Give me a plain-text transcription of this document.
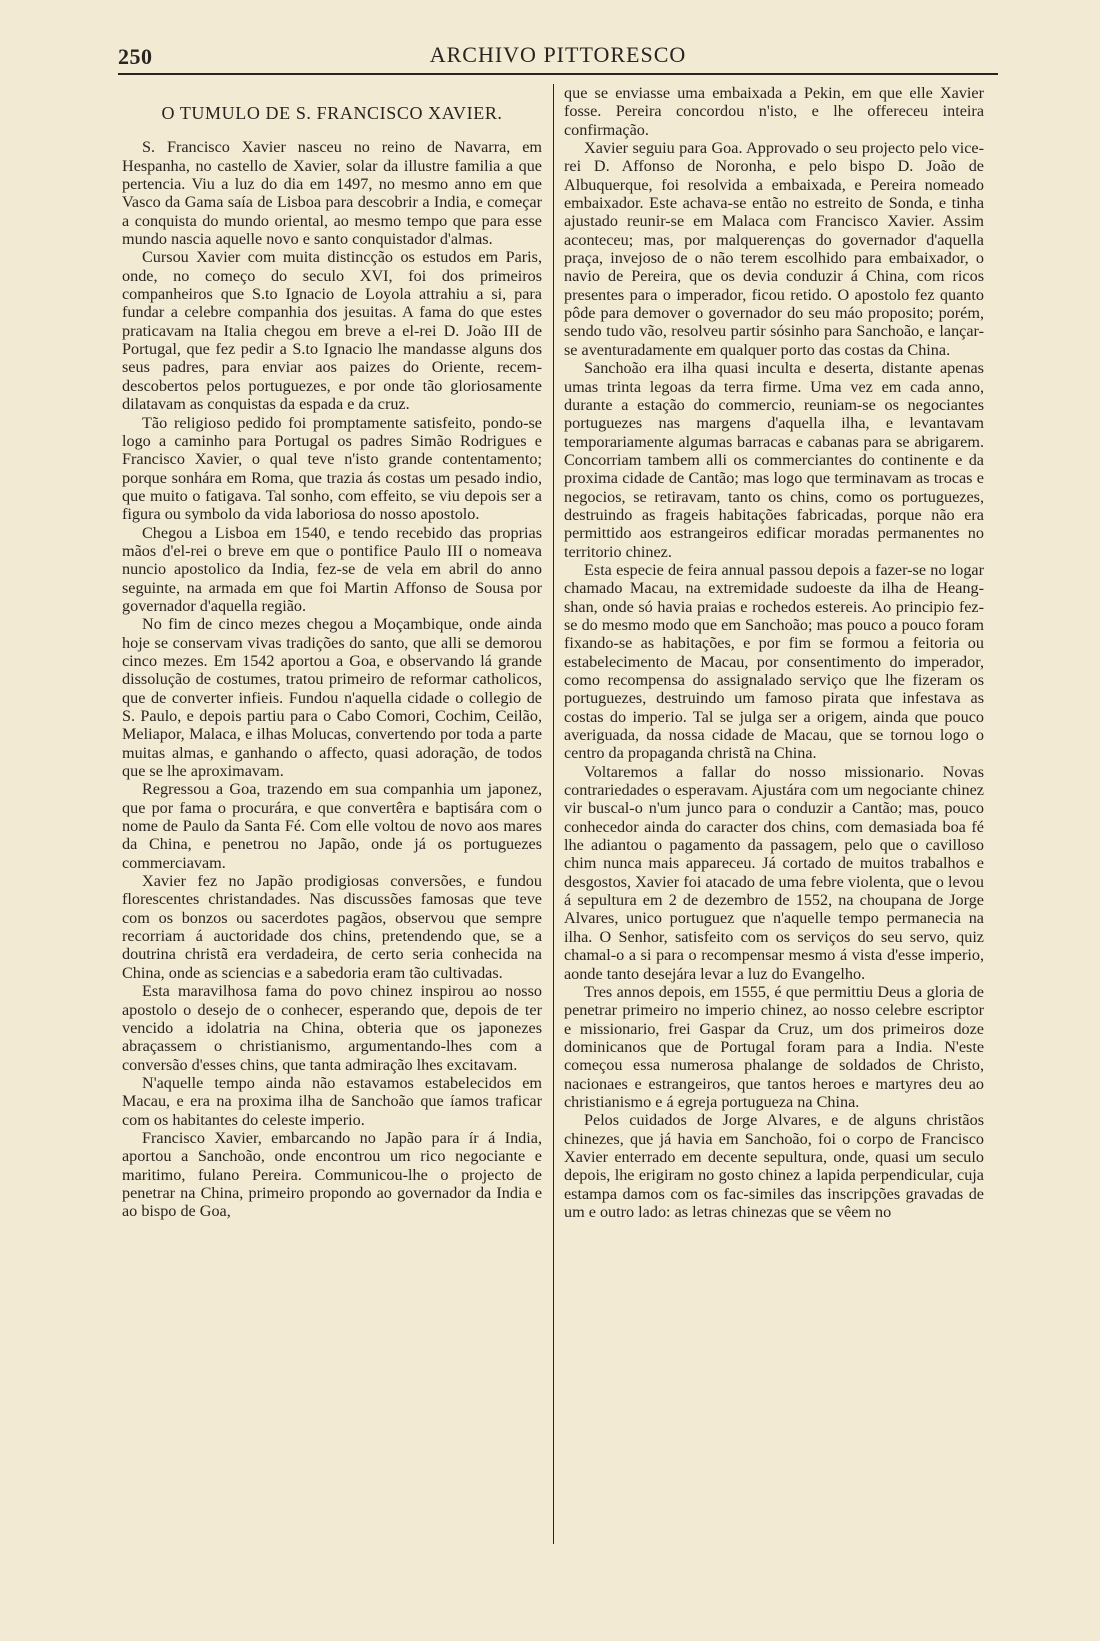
250	ARCHIVO PITTORESCO
O TUMULO DE S. FRANCISCO XAVIER.

S. Francisco Xavier nasceu no reino de Navarra, em Hespanha, no castello de Xavier, solar da illustre familia a que pertencia. Viu a luz do dia em 1497, no mesmo anno em que Vasco da Gama saía de Lisboa para descobrir a India, e começar a conquista do mundo oriental, ao mesmo tempo que para esse mundo nascia aquelle novo e santo conquistador d'almas.

Cursou Xavier com muita distincção os estudos em Paris, onde, no começo do seculo XVI, foi dos primeiros companheiros que S.to Ignacio de Loyola attrahiu a si, para fundar a celebre companhia dos jesuitas. A fama do que estes praticavam na Italia chegou em breve a el-rei D. João III de Portugal, que fez pedir a S.to Ignacio lhe mandasse alguns dos seus padres, para enviar aos paizes do Oriente, recem-descobertos pelos portuguezes, e por onde tão gloriosamente dilatavam as conquistas da espada e da cruz.

Tão religioso pedido foi promptamente satisfeito, pondo-se logo a caminho para Portugal os padres Simão Rodrigues e Francisco Xavier, o qual teve n'isto grande contentamento; porque sonhára em Roma, que trazia ás costas um pesado indio, que muito o fatigava. Tal sonho, com effeito, se viu depois ser a figura ou symbolo da vida laboriosa do nosso apostolo.

Chegou a Lisboa em 1540, e tendo recebido das proprias mãos d'el-rei o breve em que o pontifice Paulo III o nomeava nuncio apostolico da India, fez-se de vela em abril do anno seguinte, na armada em que foi Martin Affonso de Sousa por governador d'aquella região.

No fim de cinco mezes chegou a Moçambique, onde ainda hoje se conservam vivas tradições do santo, que alli se demorou cinco mezes. Em 1542 aportou a Goa, e observando lá grande dissolução de costumes, tratou primeiro de reformar catholicos, que de converter infieis. Fundou n'aquella cidade o collegio de S. Paulo, e depois partiu para o Cabo Comori, Cochim, Ceilão, Meliapor, Malaca, e ilhas Molucas, convertendo por toda a parte muitas almas, e ganhando o affecto, quasi adoração, de todos que se lhe aproximavam.

Regressou a Goa, trazendo em sua companhia um japonez, que por fama o procurára, e que convertêra e baptisára com o nome de Paulo da Santa Fé. Com elle voltou de novo aos mares da China, e penetrou no Japão, onde já os portuguezes commerciavam.

Xavier fez no Japão prodigiosas conversões, e fundou florescentes christandades. Nas discussões famosas que teve com os bonzos ou sacerdotes pagãos, observou que sempre recorriam á auctoridade dos chins, pretendendo que, se a doutrina christã era verdadeira, de certo seria conhecida na China, onde as sciencias e a sabedoria eram tão cultivadas.

Esta maravilhosa fama do povo chinez inspirou ao nosso apostolo o desejo de o conhecer, esperando que, depois de ter vencido a idolatria na China, obteria que os japonezes abraçassem o christianismo, argumentando-lhes com a conversão d'esses chins, que tanta admiração lhes excitavam.

N'aquelle tempo ainda não estavamos estabelecidos em Macau, e era na proxima ilha de Sanchoão que íamos traficar com os habitantes do celeste imperio.

Francisco Xavier, embarcando no Japão para ír á India, aportou a Sanchoão, onde encontrou um rico negociante e maritimo, fulano Pereira. Communicou-lhe o projecto de penetrar na China, primeiro propondo ao governador da India e ao bispo de Goa,

que se enviasse uma embaixada a Pekin, em que elle Xavier fosse. Pereira concordou n'isto, e lhe offereceu inteira confirmação.

Xavier seguiu para Goa. Approvado o seu projecto pelo vice-rei D. Affonso de Noronha, e pelo bispo D. João de Albuquerque, foi resolvida a embaixada, e Pereira nomeado embaixador. Este achava-se então no estreito de Sonda, e tinha ajustado reunir-se em Malaca com Francisco Xavier. Assim aconteceu; mas, por malquerenças do governador d'aquella praça, invejoso de o não terem escolhido para embaixador, o navio de Pereira, que os devia conduzir á China, com ricos presentes para o imperador, ficou retido. O apostolo fez quanto pôde para demover o governador do seu máo proposito; porém, sendo tudo vão, resolveu partir sósinho para Sanchoão, e lançar-se aventuradamente em qualquer porto das costas da China.

Sanchoão era ilha quasi inculta e deserta, distante apenas umas trinta legoas da terra firme. Uma vez em cada anno, durante a estação do commercio, reuniam-se os negociantes portuguezes nas margens d'aquella ilha, e levantavam temporariamente algumas barracas e cabanas para se abrigarem. Concorriam tambem alli os commerciantes do continente e da proxima cidade de Cantão; mas logo que terminavam as trocas e negocios, se retiravam, tanto os chins, como os portuguezes, destruindo as frageis habitações fabricadas, porque não era permittido aos estrangeiros edificar moradas permanentes no territorio chinez.

Esta especie de feira annual passou depois a fazer-se no logar chamado Macau, na extremidade sudoeste da ilha de Heang-shan, onde só havia praias e rochedos estereis. Ao principio fez-se do mesmo modo que em Sanchoão; mas pouco a pouco foram fixando-se as habitações, e por fim se formou a feitoria ou estabelecimento de Macau, por consentimento do imperador, como recompensa do assignalado serviço que lhe fizeram os portuguezes, destruindo um famoso pirata que infestava as costas do imperio. Tal se julga ser a origem, ainda que pouco averiguada, da nossa cidade de Macau, que se tornou logo o centro da propaganda christã na China.

Voltaremos a fallar do nosso missionario. Novas contrariedades o esperavam. Ajustára com um negociante chinez vir buscal-o n'um junco para o conduzir a Cantão; mas, pouco conhecedor ainda do caracter dos chins, com demasiada boa fé lhe adiantou o pagamento da passagem, pelo que o cavilloso chim nunca mais appareceu. Já cortado de muitos trabalhos e desgostos, Xavier foi atacado de uma febre violenta, que o levou á sepultura em 2 de dezembro de 1552, na choupana de Jorge Alvares, unico portuguez que n'aquelle tempo permanecia na ilha. O Senhor, satisfeito com os serviços do seu servo, quiz chamal-o a si para o recompensar mesmo á vista d'esse imperio, aonde tanto desejára levar a luz do Evangelho.

Tres annos depois, em 1555, é que permittiu Deus a gloria de penetrar primeiro no imperio chinez, ao nosso celebre escriptor e missionario, frei Gaspar da Cruz, um dos primeiros doze dominicanos que de Portugal foram para a India. N'este começou essa numerosa phalange de soldados de Christo, nacionaes e estrangeiros, que tantos heroes e martyres deu ao christianismo e á egreja portugueza na China.

Pelos cuidados de Jorge Alvares, e de alguns christãos chinezes, que já havia em Sanchoão, foi o corpo de Francisco Xavier enterrado em decente sepultura, onde, quasi um seculo depois, lhe erigiram no gosto chinez a lapida perpendicular, cuja estampa damos com os fac-similes das inscripções gravadas de um e outro lado: as letras chinezas que se vêem no
